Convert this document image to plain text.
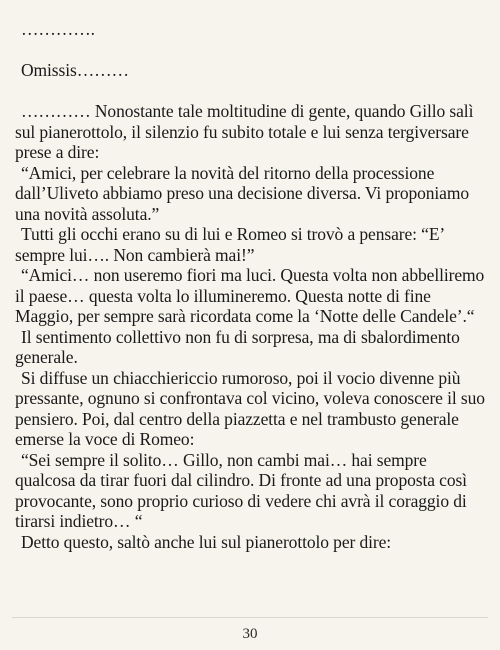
………….

Omissis………

………… Nonostante tale moltitudine di gente, quando Gillo salì sul pianerottolo, il silenzio fu subito totale e lui senza tergiversare prese a dire:

“Amici, per celebrare la novità del ritorno della processione dall’Uliveto abbiamo preso una decisione diversa. Vi proponiamo una novità assoluta.”

Tutti gli occhi erano su di lui e Romeo si trovò a pensare: “E’ sempre lui…. Non cambierà mai!”

“Amici… non useremo fiori ma luci. Questa volta non abbelliremo il paese… questa volta lo illumineremo. Questa notte di fine Maggio, per sempre sarà ricordata come la ‘Notte delle Candele’.“

Il sentimento collettivo non fu di sorpresa, ma di sbalordimento generale.

Si diffuse un chiacchiericcio rumoroso, poi il vocio divenne più pressante, ognuno si confrontava col vicino, voleva conoscere il suo pensiero. Poi, dal centro della piazzetta e nel trambusto generale emerse la voce di Romeo:

“Sei sempre il solito… Gillo, non cambi mai… hai sempre qualcosa da tirar fuori dal cilindro. Di fronte ad una proposta così provocante, sono proprio curioso di vedere chi avrà il coraggio di tirarsi indietro… “

Detto questo, saltò anche lui sul pianerottolo per dire:

30
